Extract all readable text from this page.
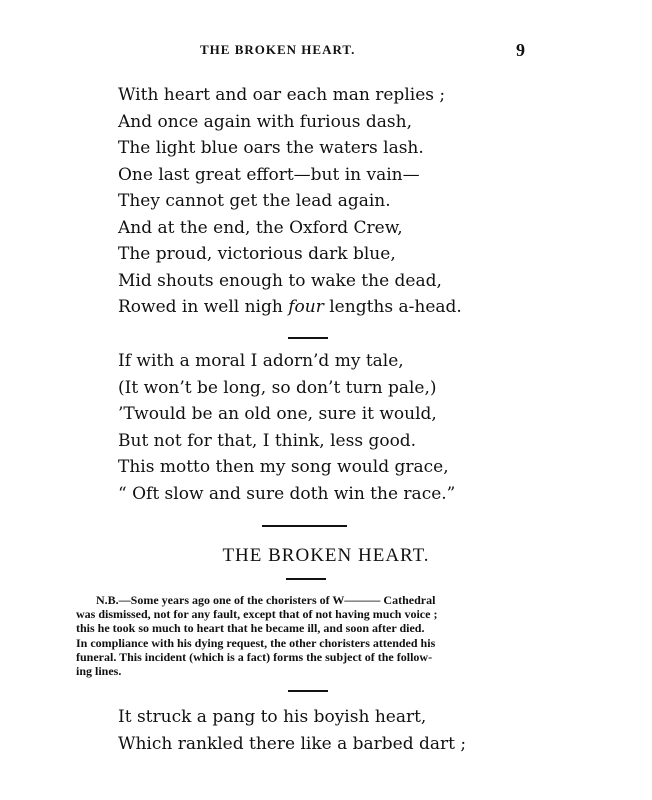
THE BROKEN HEART.	9
With heart and oar each man replies ;
And once again with furious dash,
The light blue oars the waters lash.
One last great effort—but in vain—
They cannot get the lead again.
And at the end, the Oxford Crew,
The proud, victorious dark blue,
Mid shouts enough to wake the dead,
Rowed in well nigh four lengths a-head.
If with a moral I adorn’d my tale,
(It won’t be long, so don’t turn pale,)
’Twould be an old one, sure it would,
But not for that, I think, less good.
This motto then my song would grace,
“ Oft slow and sure doth win the race.”
THE BROKEN HEART.
N.B.—Some years ago one of the choristers of W——— Cathedral
was dismissed, not for any fault, except that of not having much voice ;
this he took so much to heart that he became ill, and soon after died.
In compliance with his dying request, the other choristers attended his
funeral. This incident (which is a fact) forms the subject of the follow-
ing lines.
It struck a pang to his boyish heart,
Which rankled there like a barbed dart ;
